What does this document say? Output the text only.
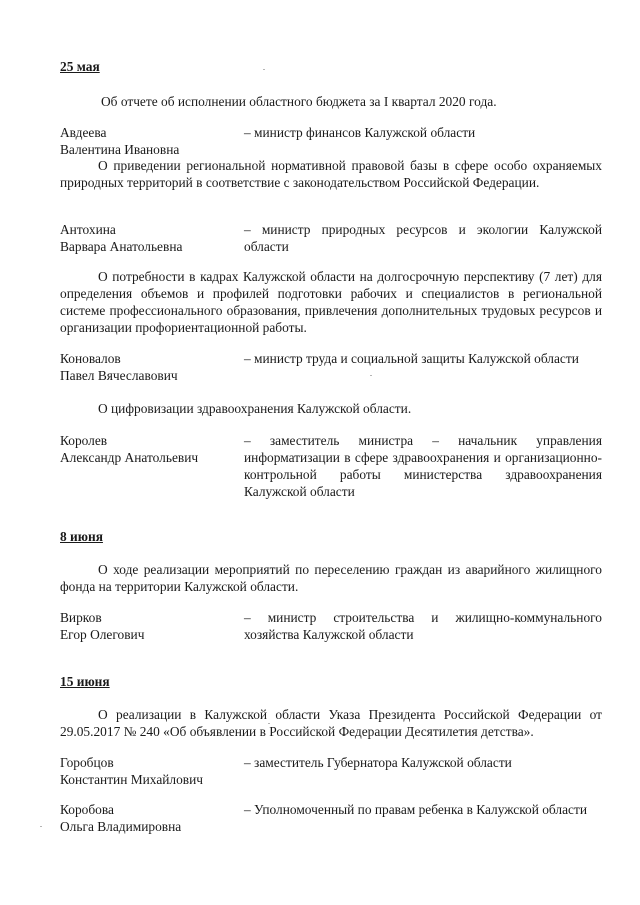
25 мая

Об отчете об исполнении областного бюджета за I квартал 2020 года.

Авдеева
Валентина Ивановна

– министр финансов Калужской области

О приведении региональной нормативной правовой базы в сфере особо охраняемых природных территорий в соответствие с законодательством Российской Федерации.

Антохина
Варвара Анатольевна

– министр природных ресурсов и экологии Калужской области

О потребности в кадрах Калужской области на долгосрочную перспективу (7 лет) для определения объемов и профилей подготовки рабочих и специалистов в региональной системе профессионального образования, привлечения дополнительных трудовых ресурсов и организации профориентационной работы.

Коновалов
Павел Вячеславович

– министр труда и социальной защиты Калужской области

О цифровизации здравоохранения Калужской области.

Королев
Александр Анатольевич

– заместитель министра – начальник управления информатизации в сфере здравоохранения и организационно-контрольной работы министерства здравоохранения Калужской области

8 июня

О ходе реализации мероприятий по переселению граждан из аварийного жилищного фонда на территории Калужской области.

Вирков
Егор Олегович

– министр строительства и жилищно-коммунального хозяйства Калужской области

15 июня

О реализации в Калужской области Указа Президента Российской Федерации от 29.05.2017 № 240 «Об объявлении в Российской Федерации Десятилетия детства».

Горобцов
Константин Михайлович

– заместитель Губернатора Калужской области

Коробова
Ольга Владимировна

– Уполномоченный по правам ребенка в Калужской области
